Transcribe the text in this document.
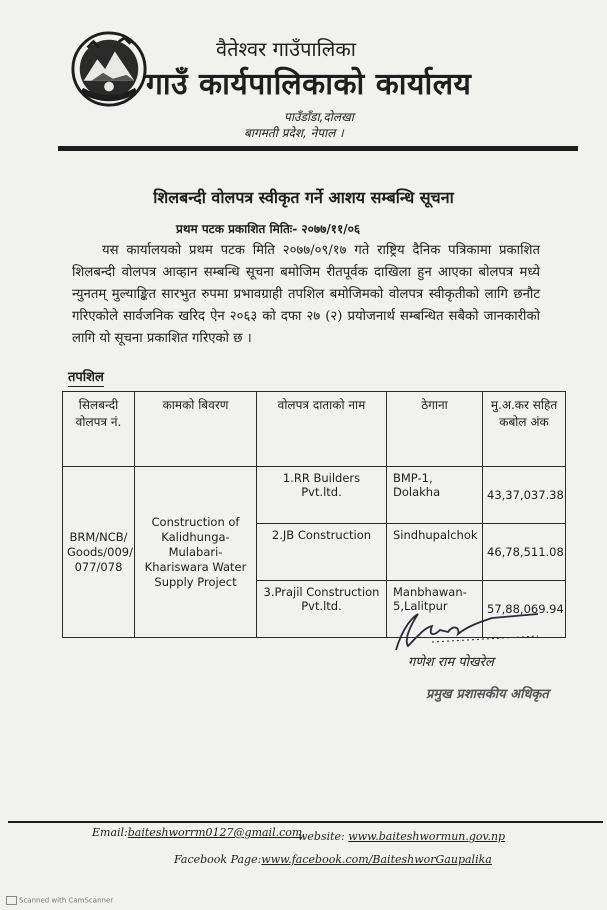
वैतेश्वर गाउँपालिका
गाउँ कार्यपालिकाको कार्यालय
पाउँडाँडा,दोलखा
बागमती प्रदेश, नेपाल ।
शिलबन्दी वोलपत्र स्वीकृत गर्ने आशय सम्बन्धि सूचना
प्रथम पटक प्रकाशित मितिः- २०७७/११/०६
यस कार्यालयको प्रथम पटक मिति २०७७/०९/१७ गते राष्ट्रिय दैनिक पत्रिकामा प्रकाशित शिलबन्दी वोलपत्र आव्हान सम्बन्धि सूचना बमोजिम रीतपूर्वक दाखिला हुन आएका बोलपत्र मध्ये न्युनतम् मुल्याङ्कित सारभुत रुपमा प्रभावग्राही तपशिल बमोजिमको वोलपत्र स्वीकृतीको लागि छनौट गरिएकोले सार्वजनिक खरिद ऐन २०६३ को दफा २७ (२) प्रयोजनार्थ सम्बन्धित सबैको जानकारीको लागि यो सूचना प्रकाशित गरिएको छ ।
तपशिल
सिलबन्दी वोलपत्र नं.	कामको बिवरण	वोलपत्र दाताको नाम	ठेगाना	मु.अ.कर सहित कबोल अंक
BRM/NCB/ Goods/009/ 077/078	Construction of Kalidhunga-Mulabari-Khariswara Water Supply Project	1.RR Builders Pvt.ltd.	BMP-1, Dolakha	43,37,037.38
		2.JB Construction	Sindhupalchok	46,78,511.08
		3.Prajil Construction Pvt.ltd.	Manbhawan- 5,Lalitpur	57,88,069.94
गणेश राम पोखरेल
प्रमुख प्रशासकीय अधिकृत
Email:baiteshworrm0127@gmail.com
website: www.baiteshwormun.gov.np
Facebook Page:www.facebook.com/BaiteshworGaupalika
Scanned with CamScanner
